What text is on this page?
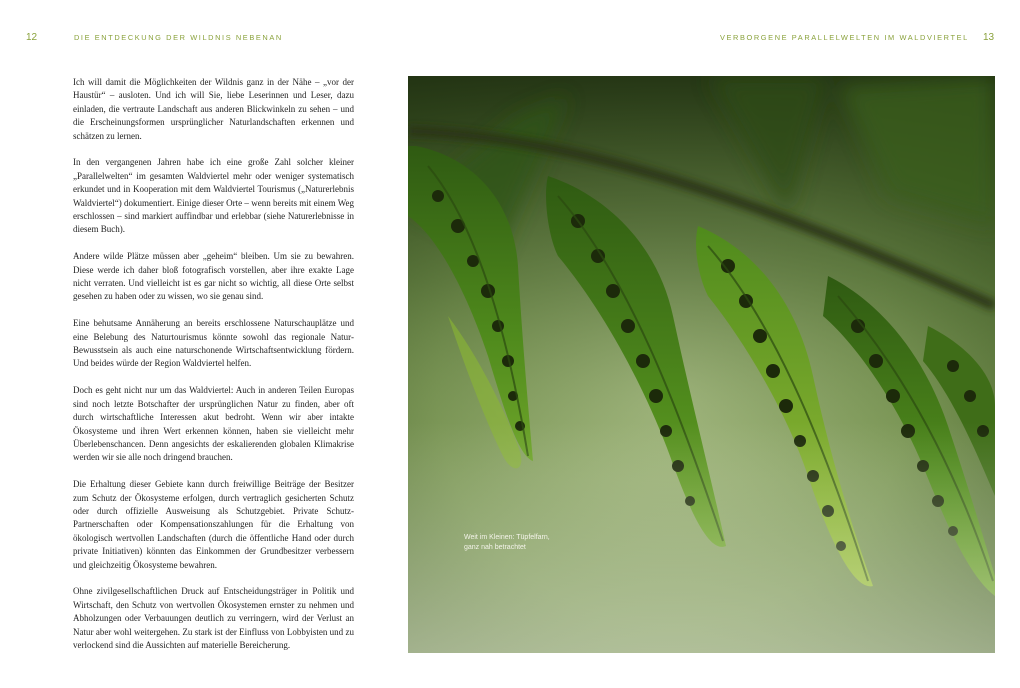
12	DIE ENTDECKUNG DER WILDNIS NEBENAN	VERBORGENE PARALLELWELTEN IM WALDVIERTEL 13

Ich will damit die Möglichkeiten der Wildnis ganz in der Nähe – „vor der Haustür“ – ausloten. Und ich will Sie, liebe Leserinnen und Leser, dazu einladen, die vertraute Landschaft aus anderen Blickwinkeln zu sehen – und die Erscheinungsformen ursprünglicher Naturlandschaften erkennen und schätzen zu lernen.

In den vergangenen Jahren habe ich eine große Zahl solcher kleiner „Parallelwelten“ im gesamten Waldviertel mehr oder weniger systematisch erkundet und in Kooperation mit dem Waldviertel Tourismus („Naturerlebnis Waldviertel“) dokumentiert. Einige dieser Orte – wenn bereits mit einem Weg erschlossen – sind markiert auffindbar und erlebbar (siehe Naturerlebnisse in diesem Buch).

Andere wilde Plätze müssen aber „geheim“ bleiben. Um sie zu bewahren. Diese werde ich daher bloß fotografisch vorstellen, aber ihre exakte Lage nicht verraten. Und vielleicht ist es gar nicht so wichtig, all diese Orte selbst gesehen zu haben oder zu wissen, wo sie genau sind.

Eine behutsame Annäherung an bereits erschlossene Naturschauplätze und eine Belebung des Naturtourismus könnte sowohl das regionale Natur-Bewusstsein als auch eine naturschonende Wirtschaftsentwicklung fördern. Und beides würde der Region Waldviertel helfen.

Doch es geht nicht nur um das Waldviertel: Auch in anderen Teilen Europas sind noch letzte Botschafter der ursprünglichen Natur zu finden, aber oft durch wirtschaftliche Interessen akut bedroht. Wenn wir aber intakte Ökosysteme und ihren Wert erkennen können, haben sie vielleicht mehr Überlebenschancen. Denn angesichts der eskalierenden globalen Klimakrise werden wir sie alle noch dringend brauchen.

Die Erhaltung dieser Gebiete kann durch freiwillige Beiträge der Besitzer zum Schutz der Ökosysteme erfolgen, durch vertraglich gesicherten Schutz oder durch offizielle Ausweisung als Schutzgebiet. Private Schutz-Partnerschaften oder Kompensationszahlungen für die Erhaltung von ökologisch wertvollen Landschaften (durch die öffentliche Hand oder durch private Initiativen) könnten das Einkommen der Grundbesitzer verbessern und gleichzeitig Ökosysteme bewahren.

Ohne zivilgesellschaftlichen Druck auf Entscheidungsträger in Politik und Wirtschaft, den Schutz von wertvollen Ökosystemen ernster zu nehmen und Abholzungen oder Verbauungen deutlich zu verringern, wird der Verlust an Natur aber wohl weitergehen. Zu stark ist der Einfluss von Lobbyisten und zu verlockend sind die Aussichten auf materielle Bereicherung.

Weit im Kleinen: Tüpfelfarn,
ganz nah betrachtet
